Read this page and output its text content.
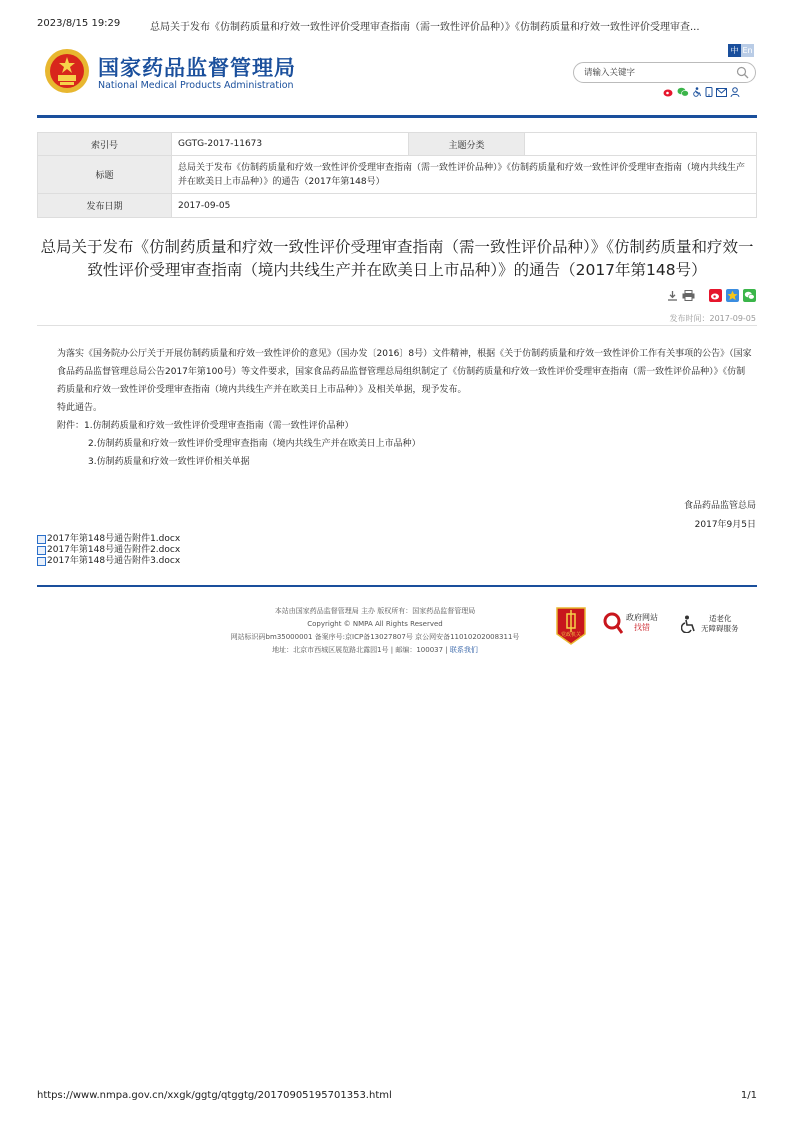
2023/8/15 19:29	总局关于发布《仿制药质量和疗效一致性评价受理审查指南（需一致性评价品种）》《仿制药质量和疗效一致性评价受理审查...
国家药品监督管理局
National Medical Products Administration
中 En
请输入关键字
索引号	GGTG-2017-11673	主题分类	
标题	总局关于发布《仿制药质量和疗效一致性评价受理审查指南（需一致性评价品种）》《仿制药质量和疗效一致性评价受理审查指南（境内共线生产并在欧美日上市品种）》的通告（2017年第148号）		
发布日期	2017-09-05		
总局关于发布《仿制药质量和疗效一致性评价受理审查指南（需一致性评价品种）》《仿制药质量和疗效一致性评价受理审查指南（境内共线生产并在欧美日上市品种）》的通告（2017年第148号）
发布时间：2017-09-05

为落实《国务院办公厅关于开展仿制药质量和疗效一致性评价的意见》（国办发〔2016〕8号）文件精神，根据《关于仿制药质量和疗效一致性评价工作有关事项的公告》（国家食品药品监督管理总局公告2017年第100号）等文件要求，国家食品药品监督管理总局组织制定了《仿制药质量和疗效一致性评价受理审查指南（需一致性评价品种）》《仿制药质量和疗效一致性评价受理审查指南（境内共线生产并在欧美日上市品种）》及相关单据，现予发布。

特此通告。

附件：1.仿制药质量和疗效一致性评价受理审查指南（需一致性评价品种）

2.仿制药质量和疗效一致性评价受理审查指南（境内共线生产并在欧美日上市品种）

3.仿制药质量和疗效一致性评价相关单据

食品药品监管总局
2017年9月5日
2017年第148号通告附件1.docx
2017年第148号通告附件2.docx
2017年第148号通告附件3.docx
本站由国家药品监督管理局 主办 版权所有：国家药品监督管理局
Copyright © NMPA All Rights Reserved
网站标识码bm35000001 备案序号:京ICP备13027807号 京公网安备11010202008311号
地址：北京市西城区展览路北露园1号 | 邮编：100037 | 联系我们
党政机关
政府网站
找错
适老化
无障碍服务
https://www.nmpa.gov.cn/xxgk/ggtg/qtggtg/20170905195701353.html	1/1
